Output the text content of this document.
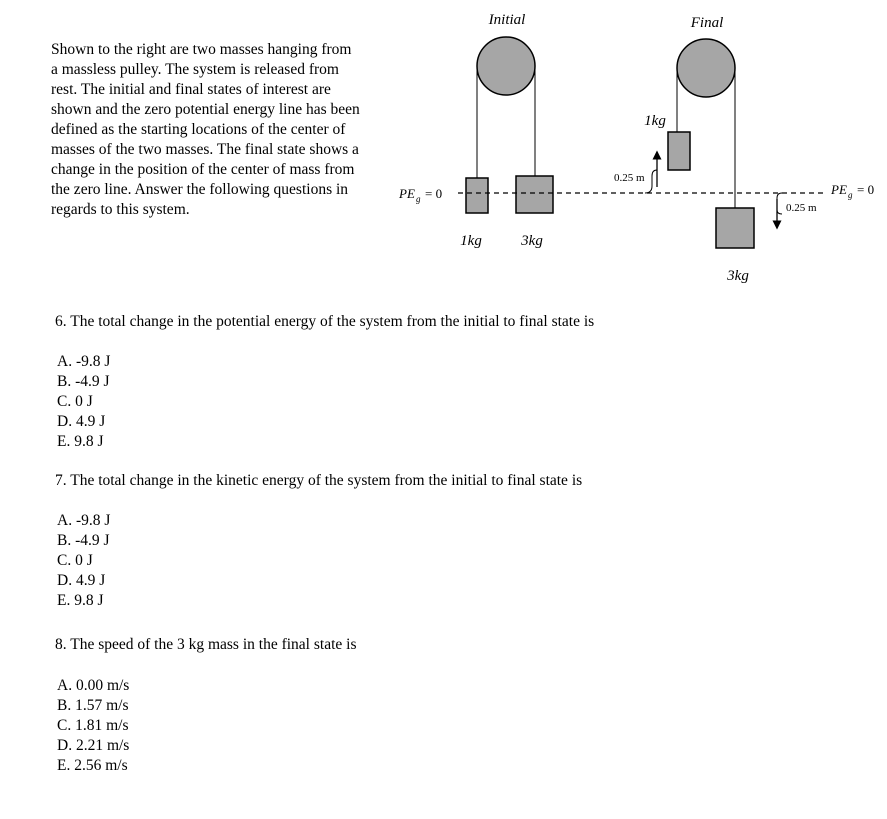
Shown to the right are two masses hanging from a massless pulley. The system is released from rest. The initial and final states of interest are shown and the zero potential energy line has been defined as the starting locations of the center of masses of the two masses. The final state shows a change in the position of the center of mass from the zero line. Answer the following questions in regards to this system.

Initial	Final
PE g = 0	PE g = 0
0.25 m
0.25 m
1kg	3kg
1kg
3kg

6. The total change in the potential energy of the system from the initial to final state is

A. -9.8 J
B. -4.9 J
C. 0 J
D. 4.9 J
E. 9.8 J

7. The total change in the kinetic energy of the system from the initial to final state is

A. -9.8 J
B. -4.9 J
C. 0 J
D. 4.9 J
E. 9.8 J

8. The speed of the 3 kg mass in the final state is

A. 0.00 m/s
B. 1.57 m/s
C. 1.81 m/s
D. 2.21 m/s
E. 2.56 m/s
